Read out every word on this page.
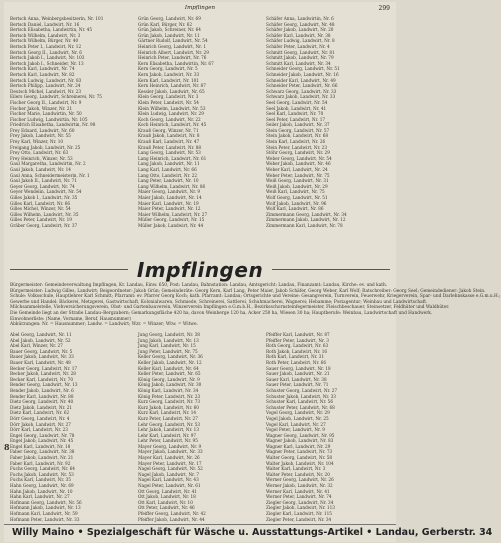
Impflingen	299
Bertsch Anna, Weinbergsbesitzerin, Nr. 101
Bertsch Daniel, Landwirt, Nr. 16
Bertsch Elisabetha, Landwirtin, Nr. 45
Bertsch Wilhelm, Landwirt, Nr. 3
Bertsch Wilhelm, Bürger, Nr. 40
Bertsch Peter I., Landwirt, Nr. 12
Bertsch Georg II., Landwirt, Nr. 6
Bertsch Jakob I., Landwirt, Nr. 103
Bertsch Jakob I., Schneider, Nr. 13
Bertsch Karl, Landwirt, Nr. 74
Bertsch Karl, Landwirt, Nr. 82
Bertsch Ludwig, Landwirt, Nr. 83
Bertsch Philipp, Landwirt, Nr. 24
Deutsch Michel, Landwirt, Nr. 23
Eilers Georg, Landwirt, Schreinerei, Nr. 75
Fischer Georg II., Landwirt, Nr. 9
Fischer Jakob, Winzer, Nr. 21
Fischer Marie, Landwirtin, Nr. 50
Fischer Ludwig, Landwirtin, Nr. 105
Friedrich Elisabetha, Landwirtin, Nr. 98
Frey Eduard, Landwirt, Nr. 60
Frey Jakob, Landwirt, Nr. 55
Frey Karl, Winzer, Nr. 10
Freigang Jakob, Landwirt, Nr. 25
Frey Otto, Landwirt, Nr. 63
Frey Heinrich, Winzer, Nr. 53
Gaul Margaretha, Landwirtin, Nr. 2
Gaul Jakob, Landwirt, Nr. 14
Gaul Anna, Schneidermeisterin, Nr. 1
Gaul Jakob II., Landwirt, Nr. 71
Geyer Georg, Landwirt, Nr. 74
Geyer Wendelin, Landwirt, Nr. 54
Gilles Jakob I., Landwirt, Nr. 35
Gilles Karl, Landwirt, Nr. 66
Gilles Michel, Winzer, Nr. 54
Gilles Wilhelm, Landwirt, Nr. 35
Gilles Peter, Landwirt, Nr. 19
Gräber Georg, Landwirt, Nr. 37
Grün Georg, Landwirt, Nr. 69
Grün Karl, Bürger, Nr. 62
Grün Jakob, Schreiner, Nr. 64
Grün Jakob, Landwirt, Nr. 11
Gärtner Rudolf, Landwirt, Nr. 54
Heinrich Georg, Landwirt, Nr. 1
Heinrich Albert, Landwirt, Nr. 29
Heinrich Peter, Landwirt, Nr. 76
Kern Elisabetha, Landwirtin, Nr. 67
Kern Georg, Landwirt, Nr. 5
Kern Jakob, Landwirt, Nr. 33
Kern Karl, Landwirt, Nr. 101
Kern Heinrich, Landwirt, Nr. 87
Kessler Jakob, Landwirt, Nr. 65
Klein Georg, Landwirt, Nr. 3
Klein Peter, Landwirt, Nr. 54
Klein Wilhelm, Landwirt, Nr. 53
Klein Ludwig, Landwirt, Nr. 29
Koch Georg, Landwirt, Nr. 22
Koch Heinrich, Landwirt, Nr. 45
Krauß Georg, Winzer, Nr. 71
Krauß Jakob, Landwirt, Nr. 8
Krauß Karl, Landwirt, Nr. 47
Krauß Peter, Landwirt, Nr. 88
Lang Georg, Landwirt, Nr. 53
Lang Heinrich, Landwirt, Nr. 61
Lang Jakob, Landwirt, Nr. 11
Lang Karl, Landwirt, Nr. 66
Lang Otto, Landwirt, Nr. 22
Lang Peter, Landwirt, Nr. 10
Lang Wilhelm, Landwirt, Nr. 86
Maier Georg, Landwirt, Nr. 9
Maier Jakob, Landwirt, Nr. 14
Maier Karl, Landwirt, Nr. 19
Maier Peter, Landwirt, Nr. 12
Maier Wilhelm, Landwirt, Nr. 27
Müller Georg, Landwirt, Nr. 15
Müller Jakob, Landwirt, Nr. 44
Schäfer Anna, Landwirtin, Nr. 6
Schäfer Georg, Landwirt, Nr. 48
Schäfer Jakob, Landwirt, Nr. 20
Schäfer Karl, Landwirt, Nr. 38
Schäfer Ludwig, Landwirt, Nr. 8
Schäfer Peter, Landwirt, Nr. 4
Schmitt Georg, Landwirt, Nr. 81
Schmitt Jakob, Landwirt, Nr. 79
Schmitt Karl, Landwirt, Nr. 34
Schneider Georg, Landwirt, Nr. 51
Schneider Jakob, Landwirt, Nr. 16
Schneider Karl, Landwirt, Nr. 49
Schneider Peter, Landwirt, Nr. 66
Schwarz Georg, Landwirt, Nr. 33
Schwarz Jakob, Landwirt, Nr. 33
Seel Georg, Landwirt, Nr. 54
Seel Jakob, Landwirt, Nr. 41
Seel Karl, Landwirt, Nr. 70
Seel Peter, Landwirt, Nr. 17
Seiler Jakob, Landwirt, Nr. 37
Stein Georg, Landwirt, Nr. 57
Stein Jakob, Landwirt, Nr. 68
Stein Karl, Landwirt, Nr. 26
Stein Peter, Landwirt, Nr. 23
Stöhr Georg, Landwirt, Nr. 29
Weber Georg, Landwirt, Nr. 54
Weber Jakob, Landwirt, Nr. 46
Weber Karl, Landwirt, Nr. 24
Weber Peter, Landwirt, Nr. 75
Weiß Georg, Landwirt, Nr. 31
Weiß Jakob, Landwirt, Nr. 29
Weiß Karl, Landwirt, Nr. 75
Wolf Georg, Landwirt, Nr. 51
Wolf Jakob, Landwirt, Nr. 96
Wolf Karl, Landwirt, Nr. 86
Zimmermann Georg, Landwirt, Nr. 34
Zimmermann Jakob, Landwirt, Nr. 12
Zimmermann Karl, Landwirt, Nr. 78
Impflingen
Bürgermeister: Gemeindeverwaltung Impflingen, Kr. Landau, Einw. 650, Post: Landau, Bahnstation: Landau, Amtsgericht: Landau, Finanzamt: Landau, Kirche: ev. und kath.
Bürgermeister: Ludwig Gilles, Landwirt; Beigeordneter: Jakob Grün; Gemeinderäte: Georg Kern, Karl Lang, Peter Maier, Jakob Schäfer, Georg Weber, Karl Wolf; Ratschreiber: Georg Seel; Gemeindediener: Jakob Stein.
Schule: Volksschule, Hauptlehrer Karl Schmitt; Pfarramt: ev. Pfarrer Georg Koch; kath. Pfarramt: Landau; Ortsgerichte und Vereine: Gesangverein, Turnverein, Feuerwehr, Kriegerverein, Spar- und Darlehnskasse e.G.m.u.H.;
Gewerbe und Handel: Bäckerei, Metzgerei, Gastwirtschaft, Kolonialwaren, Schmiede, Schreinerei, Sattlerei, Schuhmacherei, Wagnerei; Hebamme; Postagentur; Weinbau und Landwirtschaft.
Milchsammelstelle, Viehversicherungsverein, Obst- und Gartenbauverein, Winzerverein Impflingen e.G.m.b.H., Bezirksschornsteinfegermeister, Fleischbeschauer, Steinsetzer, Feldhüter und Waldhüter.
Die Gemeinde liegt an der Straße Landau–Bergzabern; Gemarkungsfläche 420 ha, davon Weinberge 120 ha, Acker 250 ha, Wiesen 30 ha; Hauptberufe: Weinbau, Landwirtschaft und Handwerk.
Einwohnerliste: (Name, Vorname, Beruf, Hausnummer)
Abkürzungen: Nr. = Hausnummer; Landw. = Landwirt; Wzr. = Winzer; Wtw. = Witwe.
Abel Georg, Landwirt, Nr. 11
Abel Jakob, Landwirt, Nr. 52
Abel Karl, Winzer, Nr. 27
Bauer Georg, Landwirt, Nr. 5
Bauer Jakob, Landwirt, Nr. 33
Bauer Karl, Landwirt, Nr. 48
Becker Georg, Landwirt, Nr. 17
Becker Jakob, Landwirt, Nr. 28
Becker Karl, Landwirt, Nr. 70
Bender Georg, Landwirt, Nr. 13
Bender Jakob, Landwirt, Nr. 6
Bender Karl, Landwirt, Nr. 88
Dietz Georg, Landwirt, Nr. 40
Dietz Jakob, Landwirt, Nr. 21
Dietz Karl, Landwirt, Nr. 62
Dörr Georg, Landwirt, Nr. 4
Dörr Jakob, Landwirt, Nr. 27
Dörr Karl, Landwirt, Nr. 23
Engel Georg, Landwirt, Nr. 78
Engel Jakob, Landwirt, Nr. 45
Engel Karl, Landwirt, Nr. 18
Faber Georg, Landwirt, Nr. 38
Faber Jakob, Landwirt, Nr. 21
Faber Karl, Landwirt, Nr. 92
Fuchs Georg, Landwirt, Nr. 64
Fuchs Jakob, Landwirt, Nr. 53
Fuchs Karl, Landwirt, Nr. 35
Hahn Georg, Landwirt, Nr. 69
Hahn Jakob, Landwirt, Nr. 10
Hahn Karl, Landwirt, Nr. 27
Hofmann Georg, Landwirt, Nr. 56
Hofmann Jakob, Landwirt, Nr. 13
Hofmann Karl, Landwirt, Nr. 59
Hofmann Peter, Landwirt, Nr. 33
Jung Georg, Landwirt, Nr. 38
Jung Jakob, Landwirt, Nr. 13
Jung Karl, Landwirt, Nr. 15
Jung Peter, Landwirt, Nr. 75
Keller Georg, Landwirt, Nr. 36
Keller Jakob, Landwirt, Nr. 12
Keller Karl, Landwirt, Nr. 64
Keller Peter, Landwirt, Nr. 65
König Georg, Landwirt, Nr. 9
König Jakob, Landwirt, Nr. 30
König Karl, Landwirt, Nr. 34
König Peter, Landwirt, Nr. 23
Kurz Georg, Landwirt, Nr. 73
Kurz Jakob, Landwirt, Nr. 60
Kurz Karl, Landwirt, Nr. 14
Kurz Peter, Landwirt, Nr. 27
Lehr Georg, Landwirt, Nr. 53
Lehr Jakob, Landwirt, Nr. 13
Lehr Karl, Landwirt, Nr. 97
Lehr Peter, Landwirt, Nr. 95
Mayer Georg, Landwirt, Nr. 9
Mayer Jakob, Landwirt, Nr. 33
Mayer Karl, Landwirt, Nr. 26
Mayer Peter, Landwirt, Nr. 17
Nagel Georg, Landwirt, Nr. 52
Nagel Jakob, Landwirt, Nr. 7
Nagel Karl, Landwirt, Nr. 43
Nagel Peter, Landwirt, Nr. 61
Ott Georg, Landwirt, Nr. 41
Ott Jakob, Landwirt, Nr. 18
Ott Karl, Landwirt, Nr. 10
Ott Peter, Landwirt, Nr. 46
Pfeiffer Georg, Landwirt, Nr. 42
Pfeiffer Jakob, Landwirt, Nr. 44
Pfeiffer Karl, Landwirt, Nr. 87
Pfeiffer Peter, Landwirt, Nr. 3
Roth Georg, Landwirt, Nr. 63
Roth Jakob, Landwirt, Nr. 16
Roth Karl, Landwirt, Nr. 31
Roth Peter, Landwirt, Nr. 66
Sauer Georg, Landwirt, Nr. 18
Sauer Jakob, Landwirt, Nr. 21
Sauer Karl, Landwirt, Nr. 38
Sauer Peter, Landwirt, Nr. 71
Schuster Georg, Landwirt, Nr. 27
Schuster Jakob, Landwirt, Nr. 33
Schuster Karl, Landwirt, Nr. 56
Schuster Peter, Landwirt, Nr. 68
Vogel Georg, Landwirt, Nr. 29
Vogel Jakob, Landwirt, Nr. 25
Vogel Karl, Landwirt, Nr. 27
Vogel Peter, Landwirt, Nr. 9
Wagner Georg, Landwirt, Nr. 95
Wagner Jakob, Landwirt, Nr. 83
Wagner Karl, Landwirt, Nr. 29
Wagner Peter, Landwirt, Nr. 73
Walter Georg, Landwirt, Nr. 58
Walter Jakob, Landwirt, Nr. 104
Walter Karl, Landwirt, Nr. 3
Walter Peter, Landwirt, Nr. 20
Werner Georg, Landwirt, Nr. 26
Werner Jakob, Landwirt, Nr. 32
Werner Karl, Landwirt, Nr. 41
Werner Peter, Landwirt, Nr. 74
Ziegler Georg, Landwirt, Nr. 34
Ziegler Jakob, Landwirt, Nr. 113
Ziegler Karl, Landwirt, Nr. 115
Ziegler Peter, Landwirt, Nr. 34
8
Willy Maino • Spezialgeschäft für Wäsche u. Ausstattungs-Artikel • Landau, Gerberstr. 34
